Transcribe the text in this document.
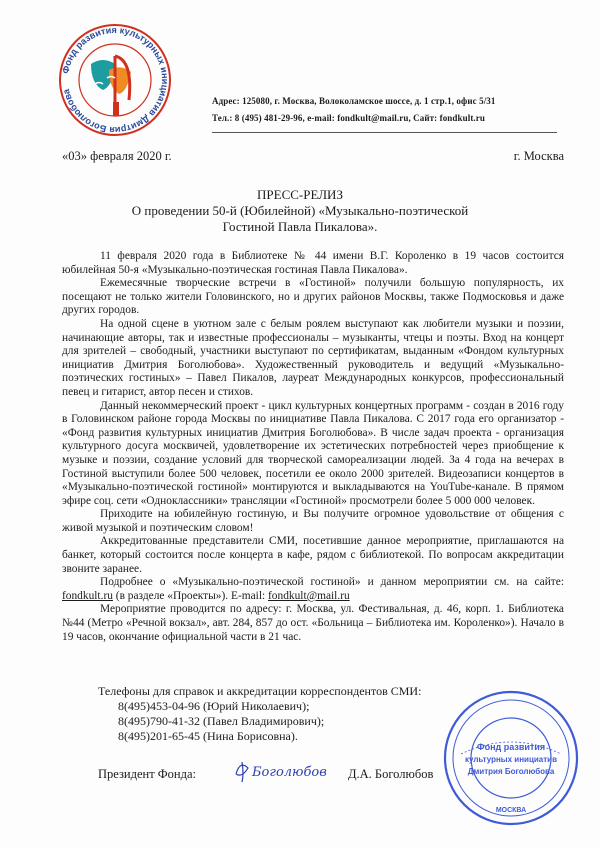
Фонд развития культурных инициатив Дмитрия Боголюбова
Адрес: 125080, г. Москва, Волоколамское шоссе, д. 1 стр.1, офис 5/31
Тел.: 8 (495) 481-29-96, e-mail: fondkult@mail.ru, Сайт: fondkult.ru
«03» февраля 2020 г.	г. Москва
ПРЕСС-РЕЛИЗ
О проведении 50-й (Юбилейной) «Музыкально-поэтической
Гостиной Павла Пикалова».

11 февраля 2020 года в Библиотеке № 44 имени В.Г. Короленко в 19 часов состоится юбилейная 50-я «Музыкально-поэтическая гостиная Павла Пикалова».

Ежемесячные творческие встречи в «Гостиной» получили большую популярность, их посещают не только жители Головинского, но и других районов Москвы, также Подмосковья и даже других городов.

На одной сцене в уютном зале с белым роялем выступают как любители музыки и поэзии, начинающие авторы, так и известные профессионалы – музыканты, чтецы и поэты. Вход на концерт для зрителей – свободный, участники выступают по сертификатам, выданным «Фондом культурных инициатив Дмитрия Боголюбова». Художественный руководитель и ведущий «Музыкально-поэтических гостиных» – Павел Пикалов, лауреат Международных конкурсов, профессиональный певец и гитарист, автор песен и стихов.

Данный некоммерческий проект - цикл культурных концертных программ - создан в 2016 году в Головинском районе города Москвы по инициативе Павла Пикалова. С 2017 года его организатор - «Фонд развития культурных инициатив Дмитрия Боголюбова». В числе задач проекта - организация культурного досуга москвичей, удовлетворение их эстетических потребностей через приобщение к музыке и поэзии, создание условий для творческой самореализации людей. За 4 года на вечерах в Гостиной выступили более 500 человек, посетили ее около 2000 зрителей. Видеозаписи концертов в «Музыкально-поэтической гостиной» монтируются и выкладываются на YouTube-канале. В прямом эфире соц. сети «Одноклассники» трансляции «Гостиной» просмотрели более 5 000 000 человек.

Приходите на юбилейную гостиную, и Вы получите огромное удовольствие от общения с живой музыкой и поэтическим словом!

Аккредитованные представители СМИ, посетившие данное мероприятие, приглашаются на банкет, который состоится после концерта в кафе, рядом с библиотекой. По вопросам аккредитации звоните заранее.

Подробнее о «Музыкально-поэтической гостиной» и данном мероприятии см. на сайте: fondkult.ru (в разделе «Проекты»). E-mail: fondkult@mail.ru

Мероприятие проводится по адресу: г. Москва, ул. Фестивальная, д. 46, корп. 1. Библиотека №44 (Метро «Речной вокзал», авт. 284, 857 до ост. «Больница – Библиотека им. Короленко»). Начало в 19 часов, окончание официальной части в 21 час.

Телефоны для справок и аккредитации корреспондентов СМИ:
8(495)453-04-96 (Юрий Николаевич);
8(495)790-41-32 (Павел Владимирович);
8(495)201-65-45 (Нина Борисовна).
Президент Фонда:	Боголюбов Д.А. Боголюбов
Фонд развития
культурных инициатив
Дмитрия Боголюбова
МОСКВА
